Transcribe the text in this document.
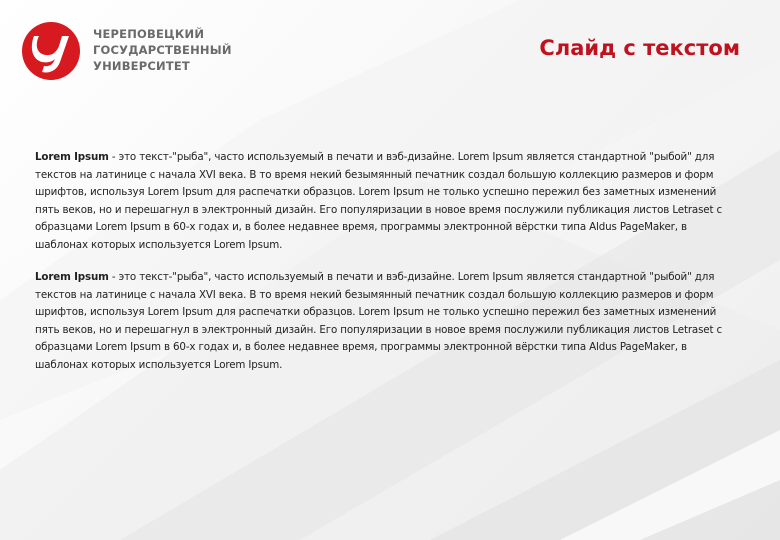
ЧЕРЕПОВЕЦКИЙ
ГОСУДАРСТВЕННЫЙ
УНИВЕРСИТЕТ
Слайд с текстом

Lorem Ipsum - это текст-"рыба", часто используемый в печати и вэб-дизайне. Lorem Ipsum является стандартной "рыбой" для текстов на латинице с начала XVI века. В то время некий безымянный печатник создал большую коллекцию размеров и форм шрифтов, используя Lorem Ipsum для распечатки образцов. Lorem Ipsum не только успешно пережил без заметных изменений пять веков, но и перешагнул в электронный дизайн. Его популяризации в новое время послужили публикация листов Letraset с образцами Lorem Ipsum в 60-х годах и, в более недавнее время, программы электронной вёрстки типа Aldus PageMaker, в шаблонах которых используется Lorem Ipsum.

Lorem Ipsum - это текст-"рыба", часто используемый в печати и вэб-дизайне. Lorem Ipsum является стандартной "рыбой" для текстов на латинице с начала XVI века. В то время некий безымянный печатник создал большую коллекцию размеров и форм шрифтов, используя Lorem Ipsum для распечатки образцов. Lorem Ipsum не только успешно пережил без заметных изменений пять веков, но и перешагнул в электронный дизайн. Его популяризации в новое время послужили публикация листов Letraset с образцами Lorem Ipsum в 60-х годах и, в более недавнее время, программы электронной вёрстки типа Aldus PageMaker, в шаблонах которых используется Lorem Ipsum.
